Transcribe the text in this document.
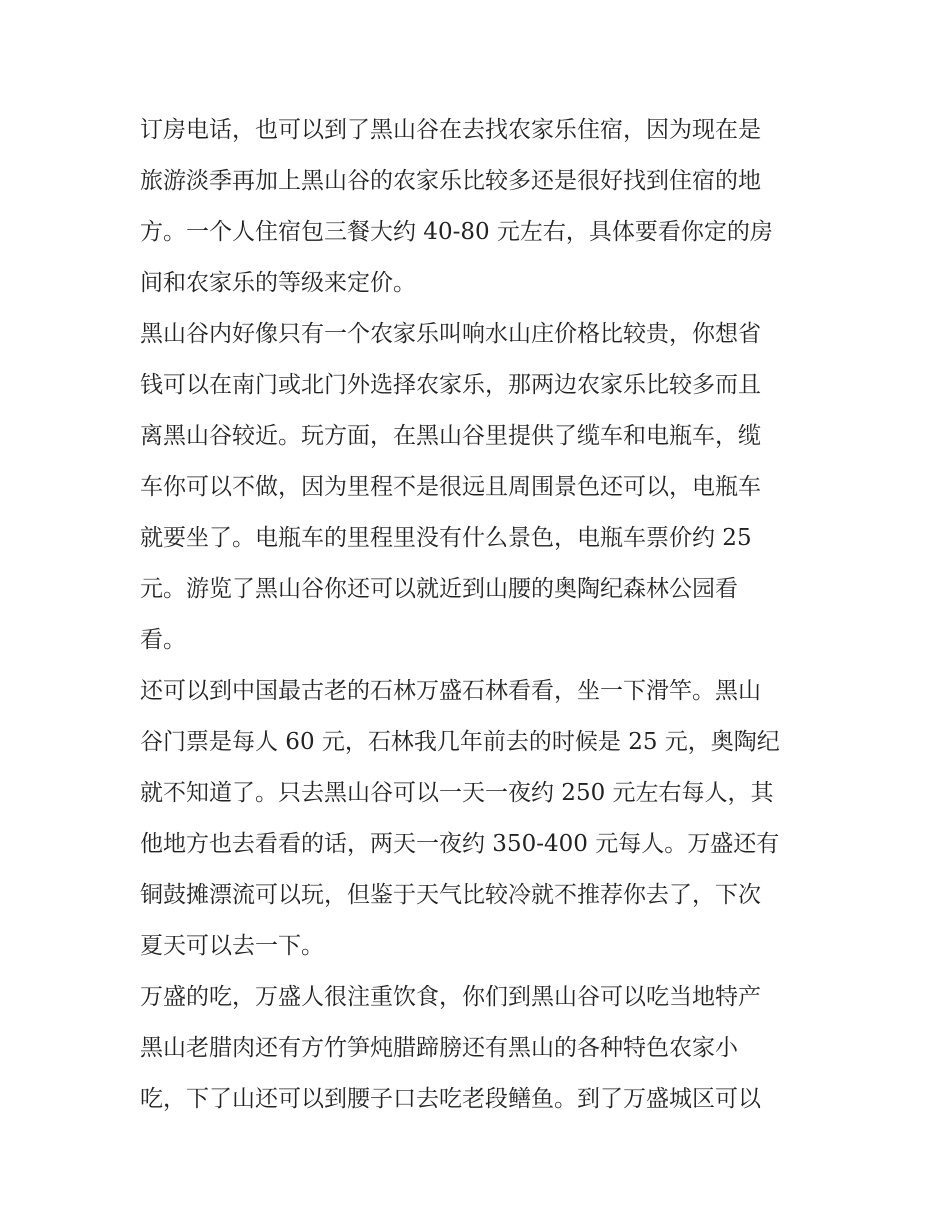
订房电话，也可以到了黑山谷在去找农家乐住宿，因为现在是
旅游淡季再加上黑山谷的农家乐比较多还是很好找到住宿的地
方。一个人住宿包三餐大约 40-80 元左右，具体要看你定的房
间和农家乐的等级来定价。
黑山谷内好像只有一个农家乐叫响水山庄价格比较贵，你想省
钱可以在南门或北门外选择农家乐，那两边农家乐比较多而且
离黑山谷较近。玩方面，在黑山谷里提供了缆车和电瓶车，缆
车你可以不做，因为里程不是很远且周围景色还可以，电瓶车
就要坐了。电瓶车的里程里没有什么景色，电瓶车票价约 25
元。游览了黑山谷你还可以就近到山腰的奥陶纪森林公园看
看。
还可以到中国最古老的石林万盛石林看看，坐一下滑竿。黑山
谷门票是每人 60 元，石林我几年前去的时候是 25 元，奥陶纪
就不知道了。只去黑山谷可以一天一夜约 250 元左右每人，其
他地方也去看看的话，两天一夜约 350-400 元每人。万盛还有
铜鼓摊漂流可以玩，但鉴于天气比较冷就不推荐你去了，下次
夏天可以去一下。
万盛的吃，万盛人很注重饮食，你们到黑山谷可以吃当地特产
黑山老腊肉还有方竹笋炖腊蹄膀还有黑山的各种特色农家小
吃，下了山还可以到腰子口去吃老段鳝鱼。到了万盛城区可以
